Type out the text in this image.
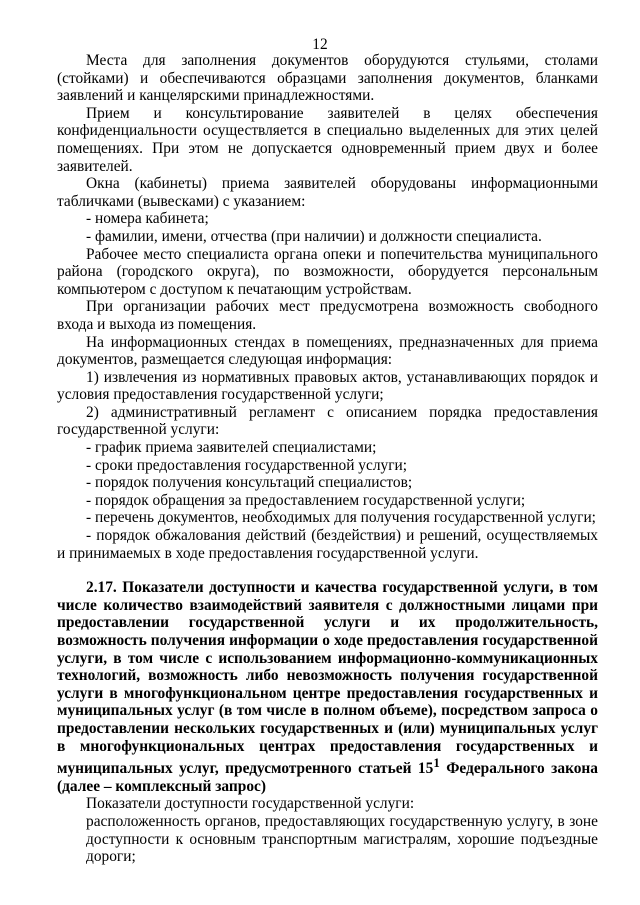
12

Места для заполнения документов оборудуются стульями, столами (стойками) и обеспечиваются образцами заполнения документов, бланками заявлений и канцелярскими принадлежностями.

Прием и консультирование заявителей в целях обеспечения конфиденциальности осуществляется в специально выделенных для этих целей помещениях. При этом не допускается одновременный прием двух и более заявителей.

Окна (кабинеты) приема заявителей оборудованы информационными табличками (вывесками) с указанием:

- номера кабинета;

- фамилии, имени, отчества (при наличии) и должности специалиста.

Рабочее место специалиста органа опеки и попечительства муниципального района (городского округа), по возможности, оборудуется персональным компьютером с доступом к печатающим устройствам.

При организации рабочих мест предусмотрена возможность свободного входа и выхода из помещения.

На информационных стендах в помещениях, предназначенных для приема документов, размещается следующая информация:

1) извлечения из нормативных правовых актов, устанавливающих порядок и условия предоставления государственной услуги;

2) административный регламент с описанием порядка предоставления государственной услуги:

- график приема заявителей специалистами;

- сроки предоставления государственной услуги;

- порядок получения консультаций специалистов;

- порядок обращения за предоставлением государственной услуги;

- перечень документов, необходимых для получения государственной услуги;

- порядок обжалования действий (бездействия) и решений, осуществляемых и принимаемых в ходе предоставления государственной услуги.

2.17. Показатели доступности и качества государственной услуги, в том числе количество взаимодействий заявителя с должностными лицами при предоставлении государственной услуги и их продолжительность, возможность получения информации о ходе предоставления государственной услуги, в том числе с использованием информационно-коммуникационных технологий, возможность либо невозможность получения государственной услуги в многофункциональном центре предоставления государственных и муниципальных услуг (в том числе в полном объеме), посредством запроса о предоставлении нескольких государственных и (или) муниципальных услуг в многофункциональных центрах предоставления государственных и муниципальных услуг, предусмотренного статьей $15^1$ Федерального закона (далее – комплексный запрос)

Показатели доступности государственной услуги:

расположенность органов, предоставляющих государственную услугу, в зоне доступности к основным транспортным магистралям, хорошие подъездные дороги;
